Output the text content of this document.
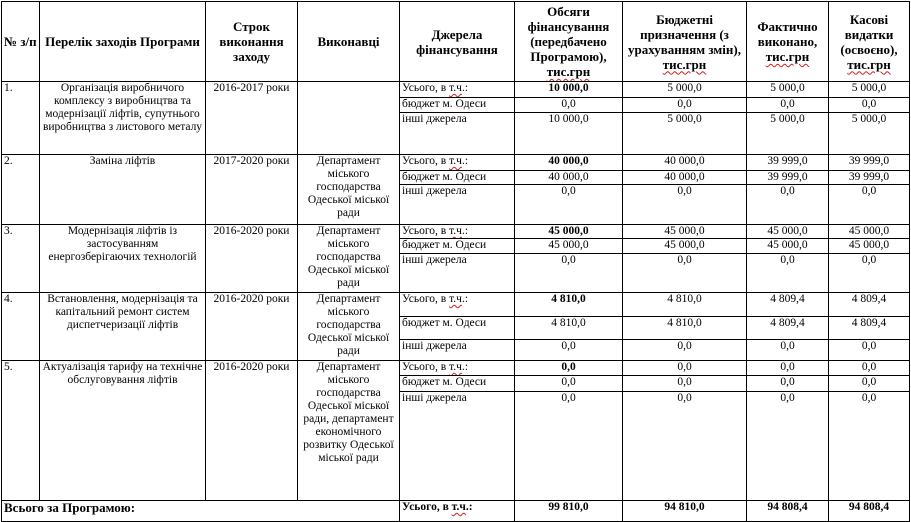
№ з/п	Перелік заходів Програми	Строк виконання заходу	Виконавці	Джерела фінансування	Обсяги фінансування (передбачено Програмою), тис.грн	Бюджетні призначення (з урахуванням змін), тис.грн	Фактично виконано, тис.грн	Касові видатки (освоєно), тис.грн
1.	Організація виробничого комплексу з виробництва та модернізації ліфтів, супутнього виробництва з листового металу	2016-2017 роки		Усього, в т.ч.:	10 000,0	5 000,0	5 000,0	5 000,0
				бюджет м. Одеси	0,0	0,0	0,0	0,0
				інші джерела	10 000,0	5 000,0	5 000,0	5 000,0
2.	Заміна ліфтів	2017-2020 роки	Департамент міського господарства Одеської міської ради	Усього, в т.ч.:	40 000,0	40 000,0	39 999,0	39 999,0
				бюджет м. Одеси	40 000,0	40 000,0	39 999,0	39 999,0
				інші джерела	0,0	0,0	0,0	0,0
3.	Модернізація ліфтів із застосуванням енергозберігаючих технологій	2016-2020 роки	Департамент міського господарства Одеської міської ради	Усього, в т.ч.:	45 000,0	45 000,0	45 000,0	45 000,0
				бюджет м. Одеси	45 000,0	45 000,0	45 000,0	45 000,0
				інші джерела	0,0	0,0	0,0	0,0
4.	Встановлення, модернізація та капітальний ремонт систем диспетчеризації ліфтів	2016-2020 роки	Департамент міського господарства Одеської міської ради	Усього, в т.ч.:	4 810,0	4 810,0	4 809,4	4 809,4
				бюджет м. Одеси	4 810,0	4 810,0	4 809,4	4 809,4
				інші джерела	0,0	0,0	0,0	0,0
5.	Актуалізація тарифу на технічне обслуговування ліфтів	2016-2020 роки	Департамент міського господарства Одеської міської ради, департамент економічного розвитку Одеської міської ради	Усього, в т.ч.:	0,0	0,0	0,0	0,0
				бюджет м. Одеси	0,0	0,0	0,0	0,0
				інші джерела	0,0	0,0	0,0	0,0
Всього за Програмою:				Усього, в т.ч.:	99 810,0	94 810,0	94 808,4	94 808,4
